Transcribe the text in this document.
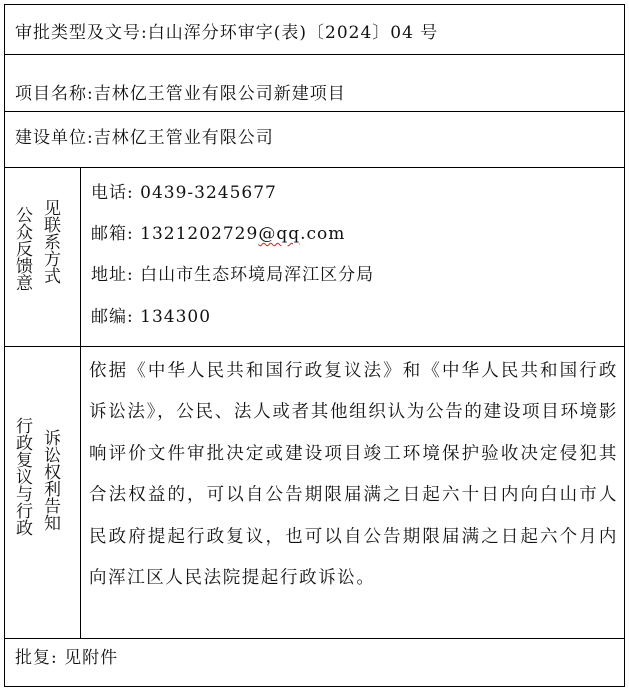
审批类型及文号:白山浑分环审字(表)〔2024〕04 号
项目名称:吉林亿王管业有限公司新建项目
建设单位:吉林亿王管业有限公司
公众反馈意 见联系方式
电话: 0439-3245677
邮箱: 1321202729@qq.com
地址: 白山市生态环境局浑江区分局
邮编: 134300
行政复议与行政 诉讼权利告知
依据《中华人民共和国行政复议法》和《中华人民共和国行政诉讼法》，公民、法人或者其他组织认为公告的建设项目环境影响评价文件审批决定或建设项目竣工环境保护验收决定侵犯其合法权益的，可以自公告期限届满之日起六十日内向白山市人民政府提起行政复议，也可以自公告期限届满之日起六个月内向浑江区人民法院提起行政诉讼。
批复: 见附件
